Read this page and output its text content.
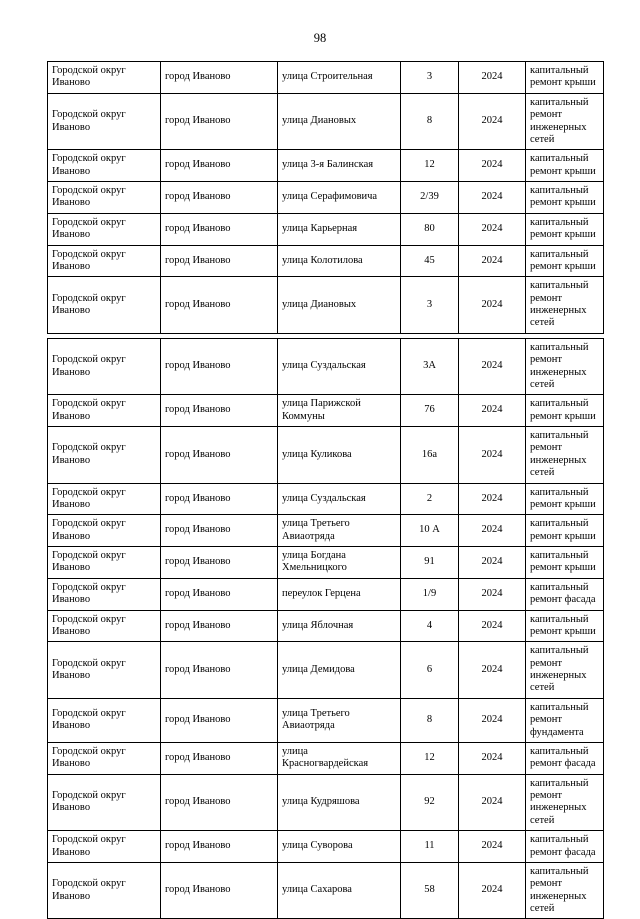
98
Городской округ Иваново	город Иваново	улица Строительная	3	2024	капитальный ремонт крыши
Городской округ Иваново	город Иваново	улица Диановых	8	2024	капитальный ремонт инженерных сетей
Городской округ Иваново	город Иваново	улица 3-я Балинская	12	2024	капитальный ремонт крыши
Городской округ Иваново	город Иваново	улица Серафимовича	2/39	2024	капитальный ремонт крыши
Городской округ Иваново	город Иваново	улица Карьерная	80	2024	капитальный ремонт крыши
Городской округ Иваново	город Иваново	улица Колотилова	45	2024	капитальный ремонт крыши
Городской округ Иваново	город Иваново	улица Диановых	3	2024	капитальный ремонт инженерных сетей
Городской округ Иваново	город Иваново	улица Суздальская	3А	2024	капитальный ремонт инженерных сетей
Городской округ Иваново	город Иваново	улица Парижской Коммуны	76	2024	капитальный ремонт крыши
Городской округ Иваново	город Иваново	улица Куликова	16а	2024	капитальный ремонт инженерных сетей
Городской округ Иваново	город Иваново	улица Суздальская	2	2024	капитальный ремонт крыши
Городской округ Иваново	город Иваново	улица Третьего Авиаотряда	10 А	2024	капитальный ремонт крыши
Городской округ Иваново	город Иваново	улица Богдана Хмельницкого	91	2024	капитальный ремонт крыши
Городской округ Иваново	город Иваново	переулок Герцена	1/9	2024	капитальный ремонт фасада
Городской округ Иваново	город Иваново	улица Яблочная	4	2024	капитальный ремонт крыши
Городской округ Иваново	город Иваново	улица Демидова	6	2024	капитальный ремонт инженерных сетей
Городской округ Иваново	город Иваново	улица Третьего Авиаотряда	8	2024	капитальный ремонт фундамента
Городской округ Иваново	город Иваново	улица Красногвардейская	12	2024	капитальный ремонт фасада
Городской округ Иваново	город Иваново	улица Кудряшова	92	2024	капитальный ремонт инженерных сетей
Городской округ Иваново	город Иваново	улица Суворова	11	2024	капитальный ремонт фасада
Городской округ Иваново	город Иваново	улица Сахарова	58	2024	капитальный ремонт инженерных сетей
